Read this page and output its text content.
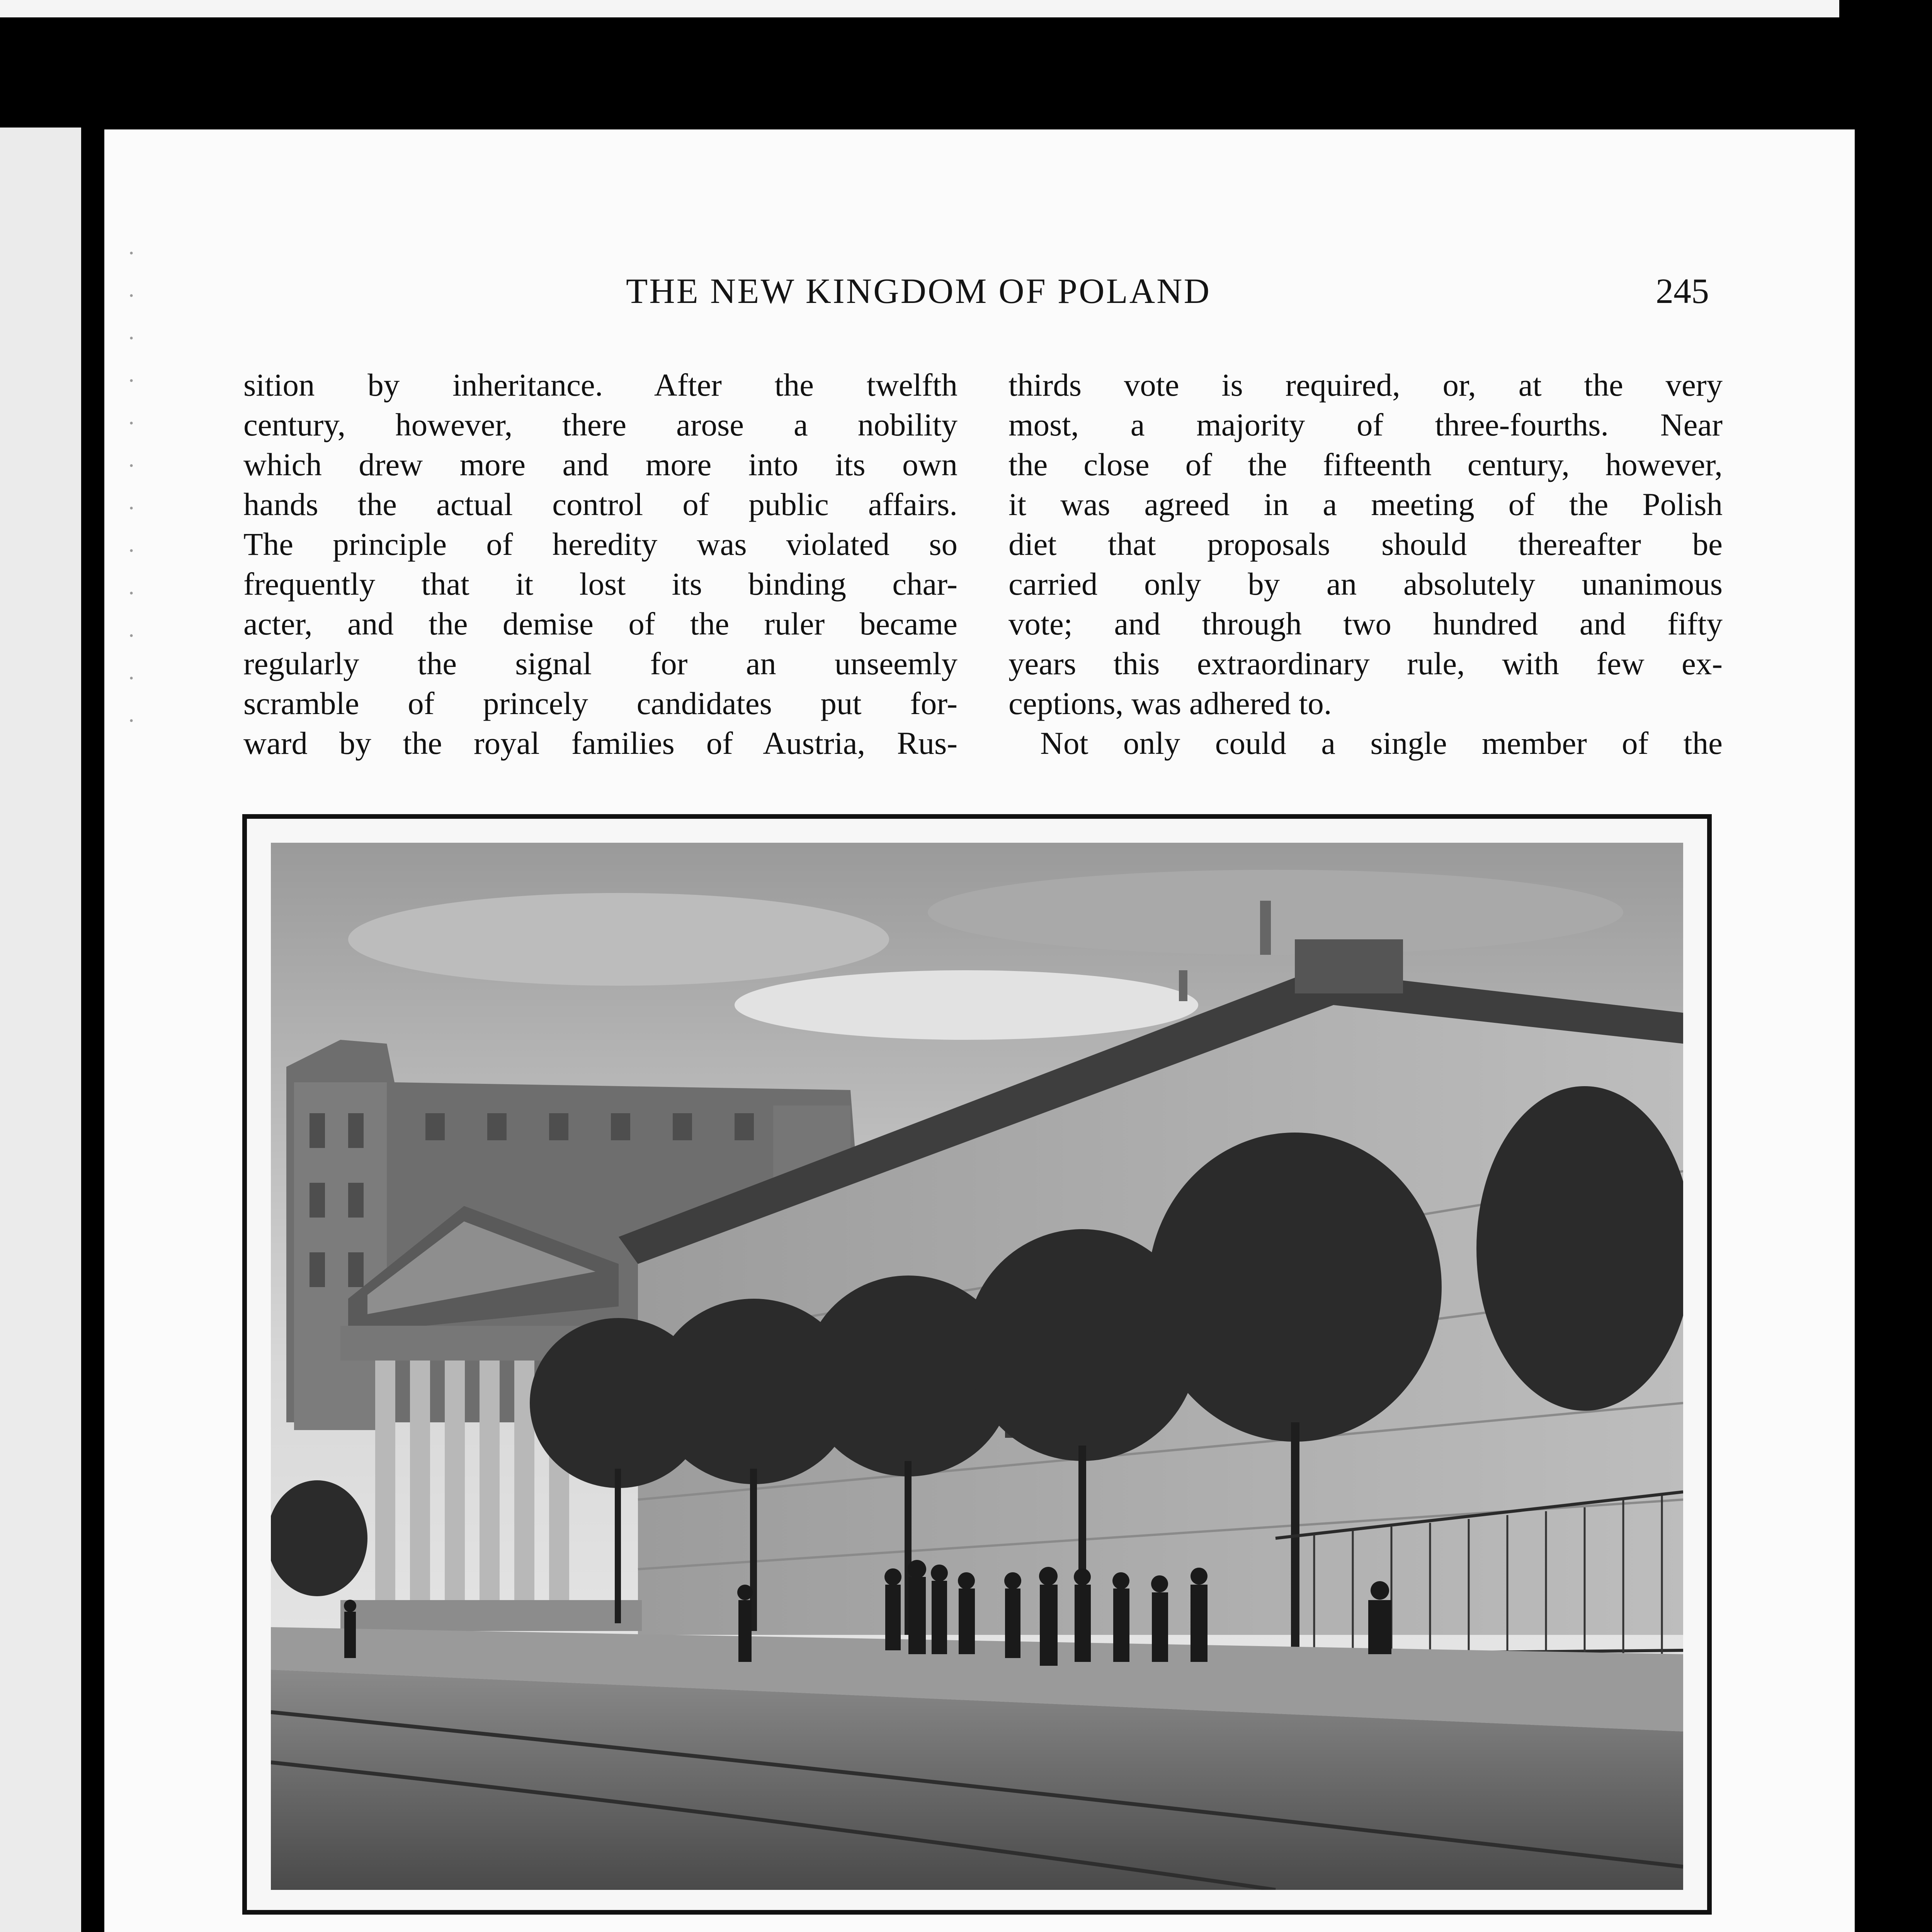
·
·
·
·
·
·
·
·
·
·
·
·
THE NEW KINGDOM OF POLAND	245
sition by inheritance. After the twelfth
century, however, there arose a nobility
which drew more and more into its own
hands the actual control of public affairs.
The principle of heredity was violated so
frequently that it lost its binding char-
acter, and the demise of the ruler became
regularly the signal for an unseemly
scramble of princely candidates put for-
ward by the royal families of Austria, Rus-
thirds vote is required, or, at the very
most, a majority of three-fourths. Near
the close of the fifteenth century, however,
it was agreed in a meeting of the Polish
diet that proposals should thereafter be
carried only by an absolutely unanimous
vote; and through two hundred and fifty
years this extraordinary rule, with few ex-
ceptions, was adhered to.
Not only could a single member of the
